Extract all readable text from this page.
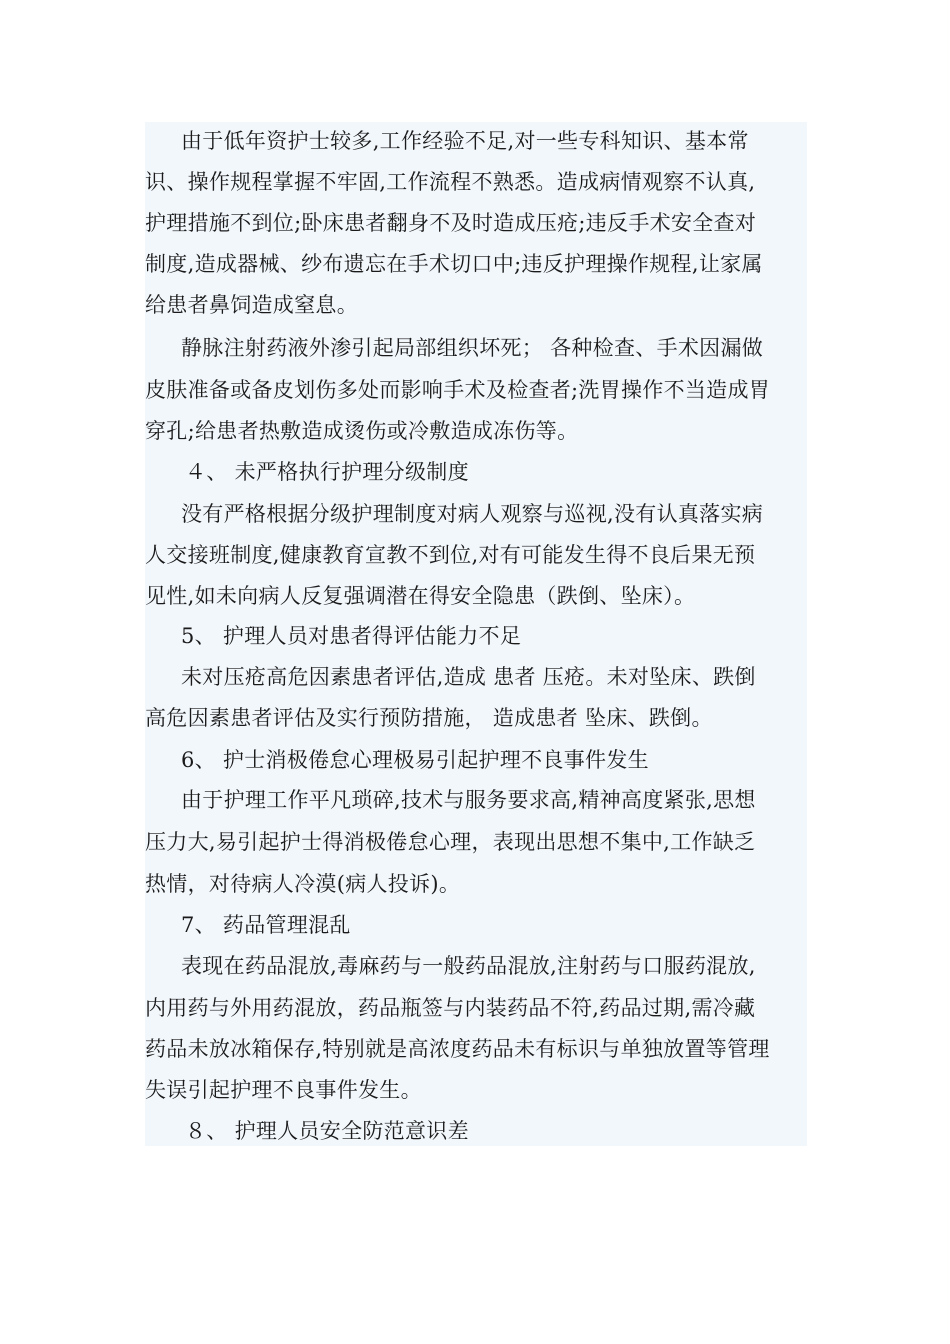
由于低年资护士较多,工作经验不足,对一些专科知识、基本常

识、操作规程掌握不牢固,工作流程不熟悉。造成病情观察不认真,

护理措施不到位;卧床患者翻身不及时造成压疮;违反手术安全查对

制度,造成器械、纱布遗忘在手术切口中;违反护理操作规程,让家属

给患者鼻饲造成窒息。

静脉注射药液外渗引起局部组织坏死； 各种检查、手术因漏做

皮肤准备或备皮划伤多处而影响手术及检查者;洗胃操作不当造成胃

穿孔;给患者热敷造成烫伤或冷敷造成冻伤等。

４、 未严格执行护理分级制度

没有严格根据分级护理制度对病人观察与巡视,没有认真落实病

人交接班制度,健康教育宣教不到位,对有可能发生得不良后果无预

见性,如未向病人反复强调潜在得安全隐患（跌倒、坠床）。

5、 护理人员对患者得评估能力不足

未对压疮高危因素患者评估,造成 患者 压疮。未对坠床、跌倒

高危因素患者评估及实行预防措施， 造成患者 坠床、跌倒。

6、 护士消极倦怠心理极易引起护理不良事件发生

由于护理工作平凡琐碎,技术与服务要求高,精神高度紧张,思想

压力大,易引起护士得消极倦怠心理，表现出思想不集中,工作缺乏

热情，对待病人冷漠(病人投诉)。

7、 药品管理混乱

表现在药品混放,毒麻药与一般药品混放,注射药与口服药混放,

内用药与外用药混放，药品瓶签与内装药品不符,药品过期,需冷藏

药品未放冰箱保存,特别就是高浓度药品未有标识与单独放置等管理

失误引起护理不良事件发生。

８、 护理人员安全防范意识差
